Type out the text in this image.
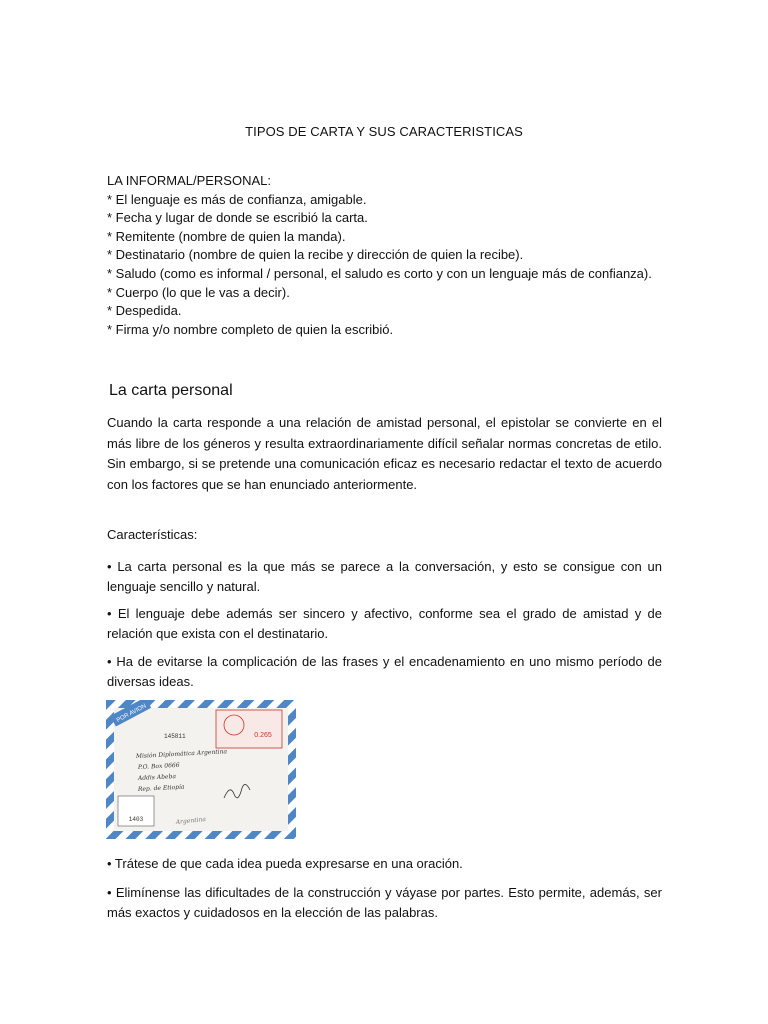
TIPOS DE CARTA Y SUS CARACTERISTICAS
LA INFORMAL/PERSONAL:
* El lenguaje es más de confianza, amigable.
* Fecha y lugar de donde se escribió la carta.
* Remitente (nombre de quien la manda).
* Destinatario (nombre de quien la recibe y dirección de quien la recibe).
* Saludo (como es informal / personal, el saludo es corto y con un lenguaje más de confianza).
* Cuerpo (lo que le vas a decir).
* Despedida.
* Firma y/o nombre completo de quien la escribió.
La carta personal

Cuando la carta responde a una relación de amistad personal, el epistolar se convierte en el más libre de los géneros y resulta extraordinariamente difícil señalar normas concretas de etilo. Sin embargo, si se pretende una comunicación eficaz es necesario redactar el texto de acuerdo con los factores que se han enunciado anteriormente.

Características:

• La carta personal es la que más se parece a la conversación, y esto se consigue con un lenguaje sencillo y natural.

• El lenguaje debe además ser sincero y afectivo, conforme sea el grado de amistad y de relación que exista con el destinatario.

• Ha de evitarse la complicación de las frases y el encadenamiento en uno mismo período de diversas ideas.

POR AVION
0.265
145811
Misión Diplomática Argentina
P.O. Box 0666
Addis Abeba
Rep. de Etiopía
1403	Argentina

• Trátese de que cada idea pueda expresarse en una oración.

• Elimínense las dificultades de la construcción y váyase por partes. Esto permite, además, ser más exactos y cuidadosos en la elección de las palabras.
